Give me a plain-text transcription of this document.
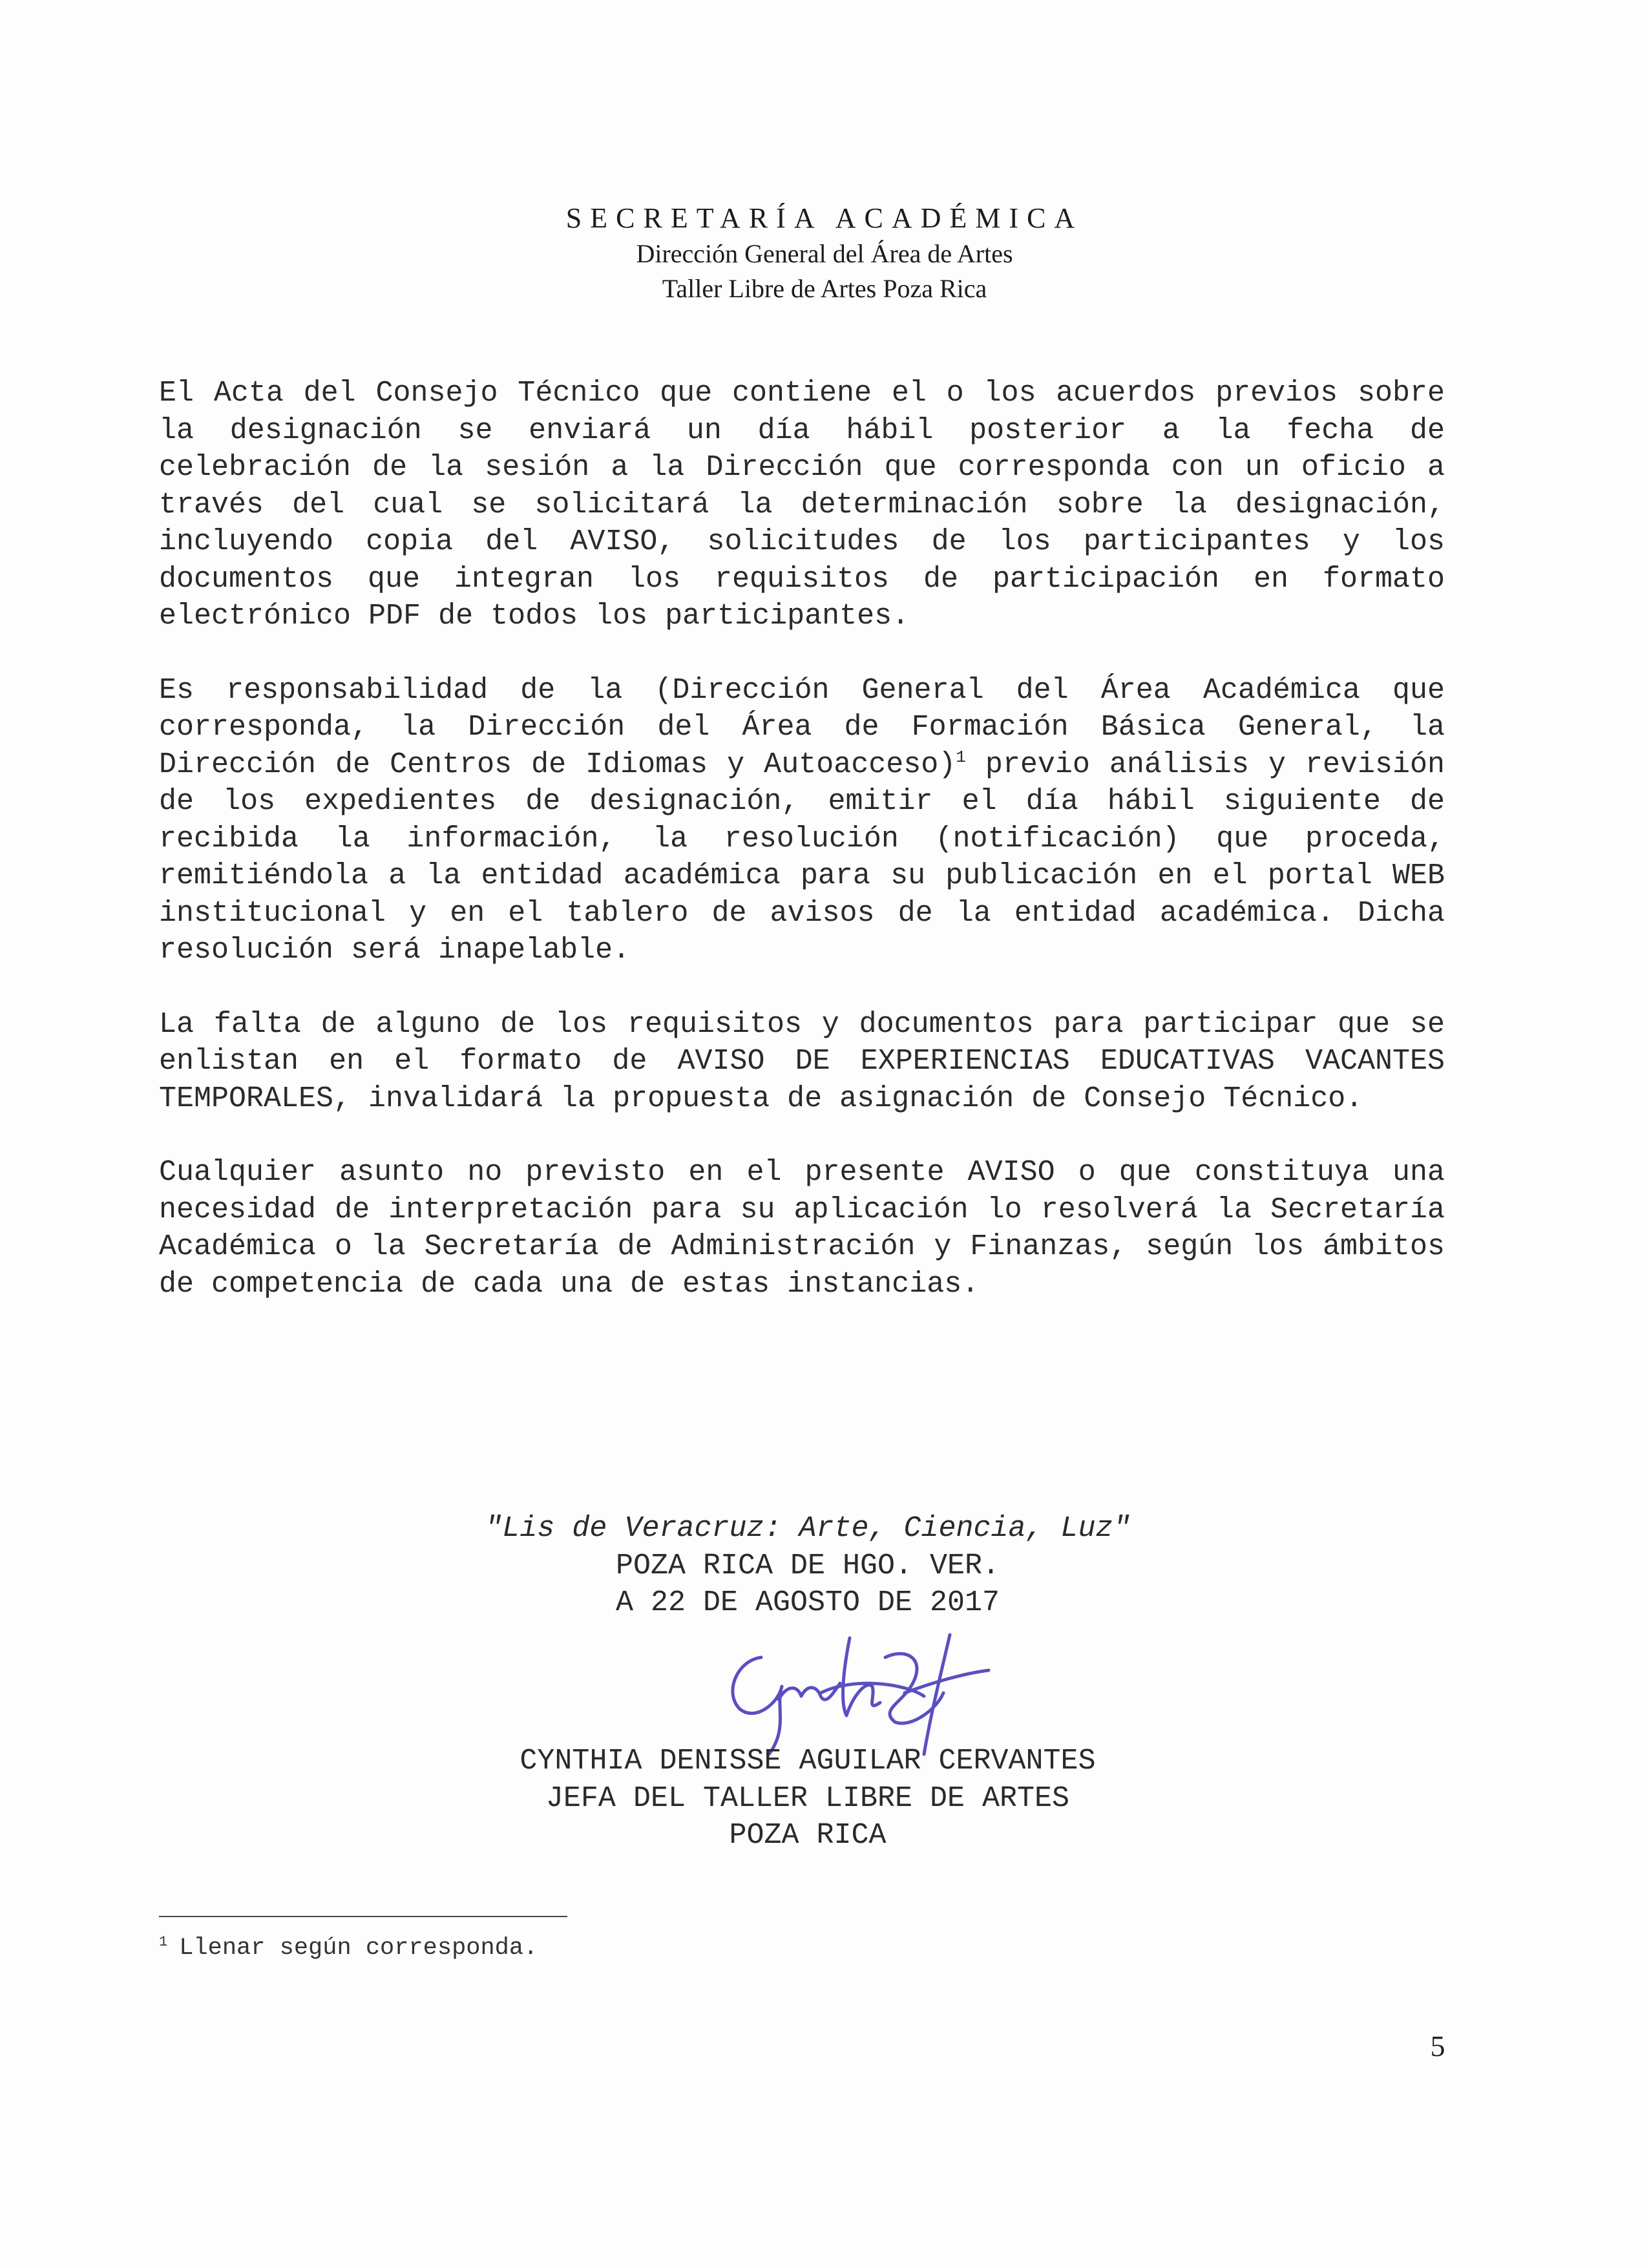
SECRETARÍA ACADÉMICA
Dirección General del Área de Artes
Taller Libre de Artes Poza Rica

El Acta del Consejo Técnico que contiene el o los acuerdos previos sobre la designación se enviará un día hábil posterior a la fecha de celebración de la sesión a la Dirección que corresponda con un oficio a través del cual se solicitará la determinación sobre la designación, incluyendo copia del AVISO, solicitudes de los participantes y los documentos que integran los requisitos de participación en formato electrónico PDF de todos los participantes.

Es responsabilidad de la (Dirección General del Área Académica que corresponda, la Dirección del Área de Formación Básica General, la Dirección de Centros de Idiomas y Autoacceso)$^1$ previo análisis y revisión de los expedientes de designación, emitir el día hábil siguiente de recibida la información, la resolución (notificación) que proceda, remitiéndola a la entidad académica para su publicación en el portal WEB institucional y en el tablero de avisos de la entidad académica. Dicha resolución será inapelable.

La falta de alguno de los requisitos y documentos para participar que se enlistan en el formato de AVISO DE EXPERIENCIAS EDUCATIVAS VACANTES TEMPORALES, invalidará la propuesta de asignación de Consejo Técnico.

Cualquier asunto no previsto en el presente AVISO o que constituya una necesidad de interpretación para su aplicación lo resolverá la Secretaría Académica o la Secretaría de Administración y Finanzas, según los ámbitos de competencia de cada una de estas instancias.

"Lis de Veracruz: Arte, Ciencia, Luz"
POZA RICA DE HGO. VER.
A 22 DE AGOSTO DE 2017
CYNTHIA DENISSE AGUILAR CERVANTES
JEFA DEL TALLER LIBRE DE ARTES
POZA RICA
$^1$ Llenar según corresponda.
5
